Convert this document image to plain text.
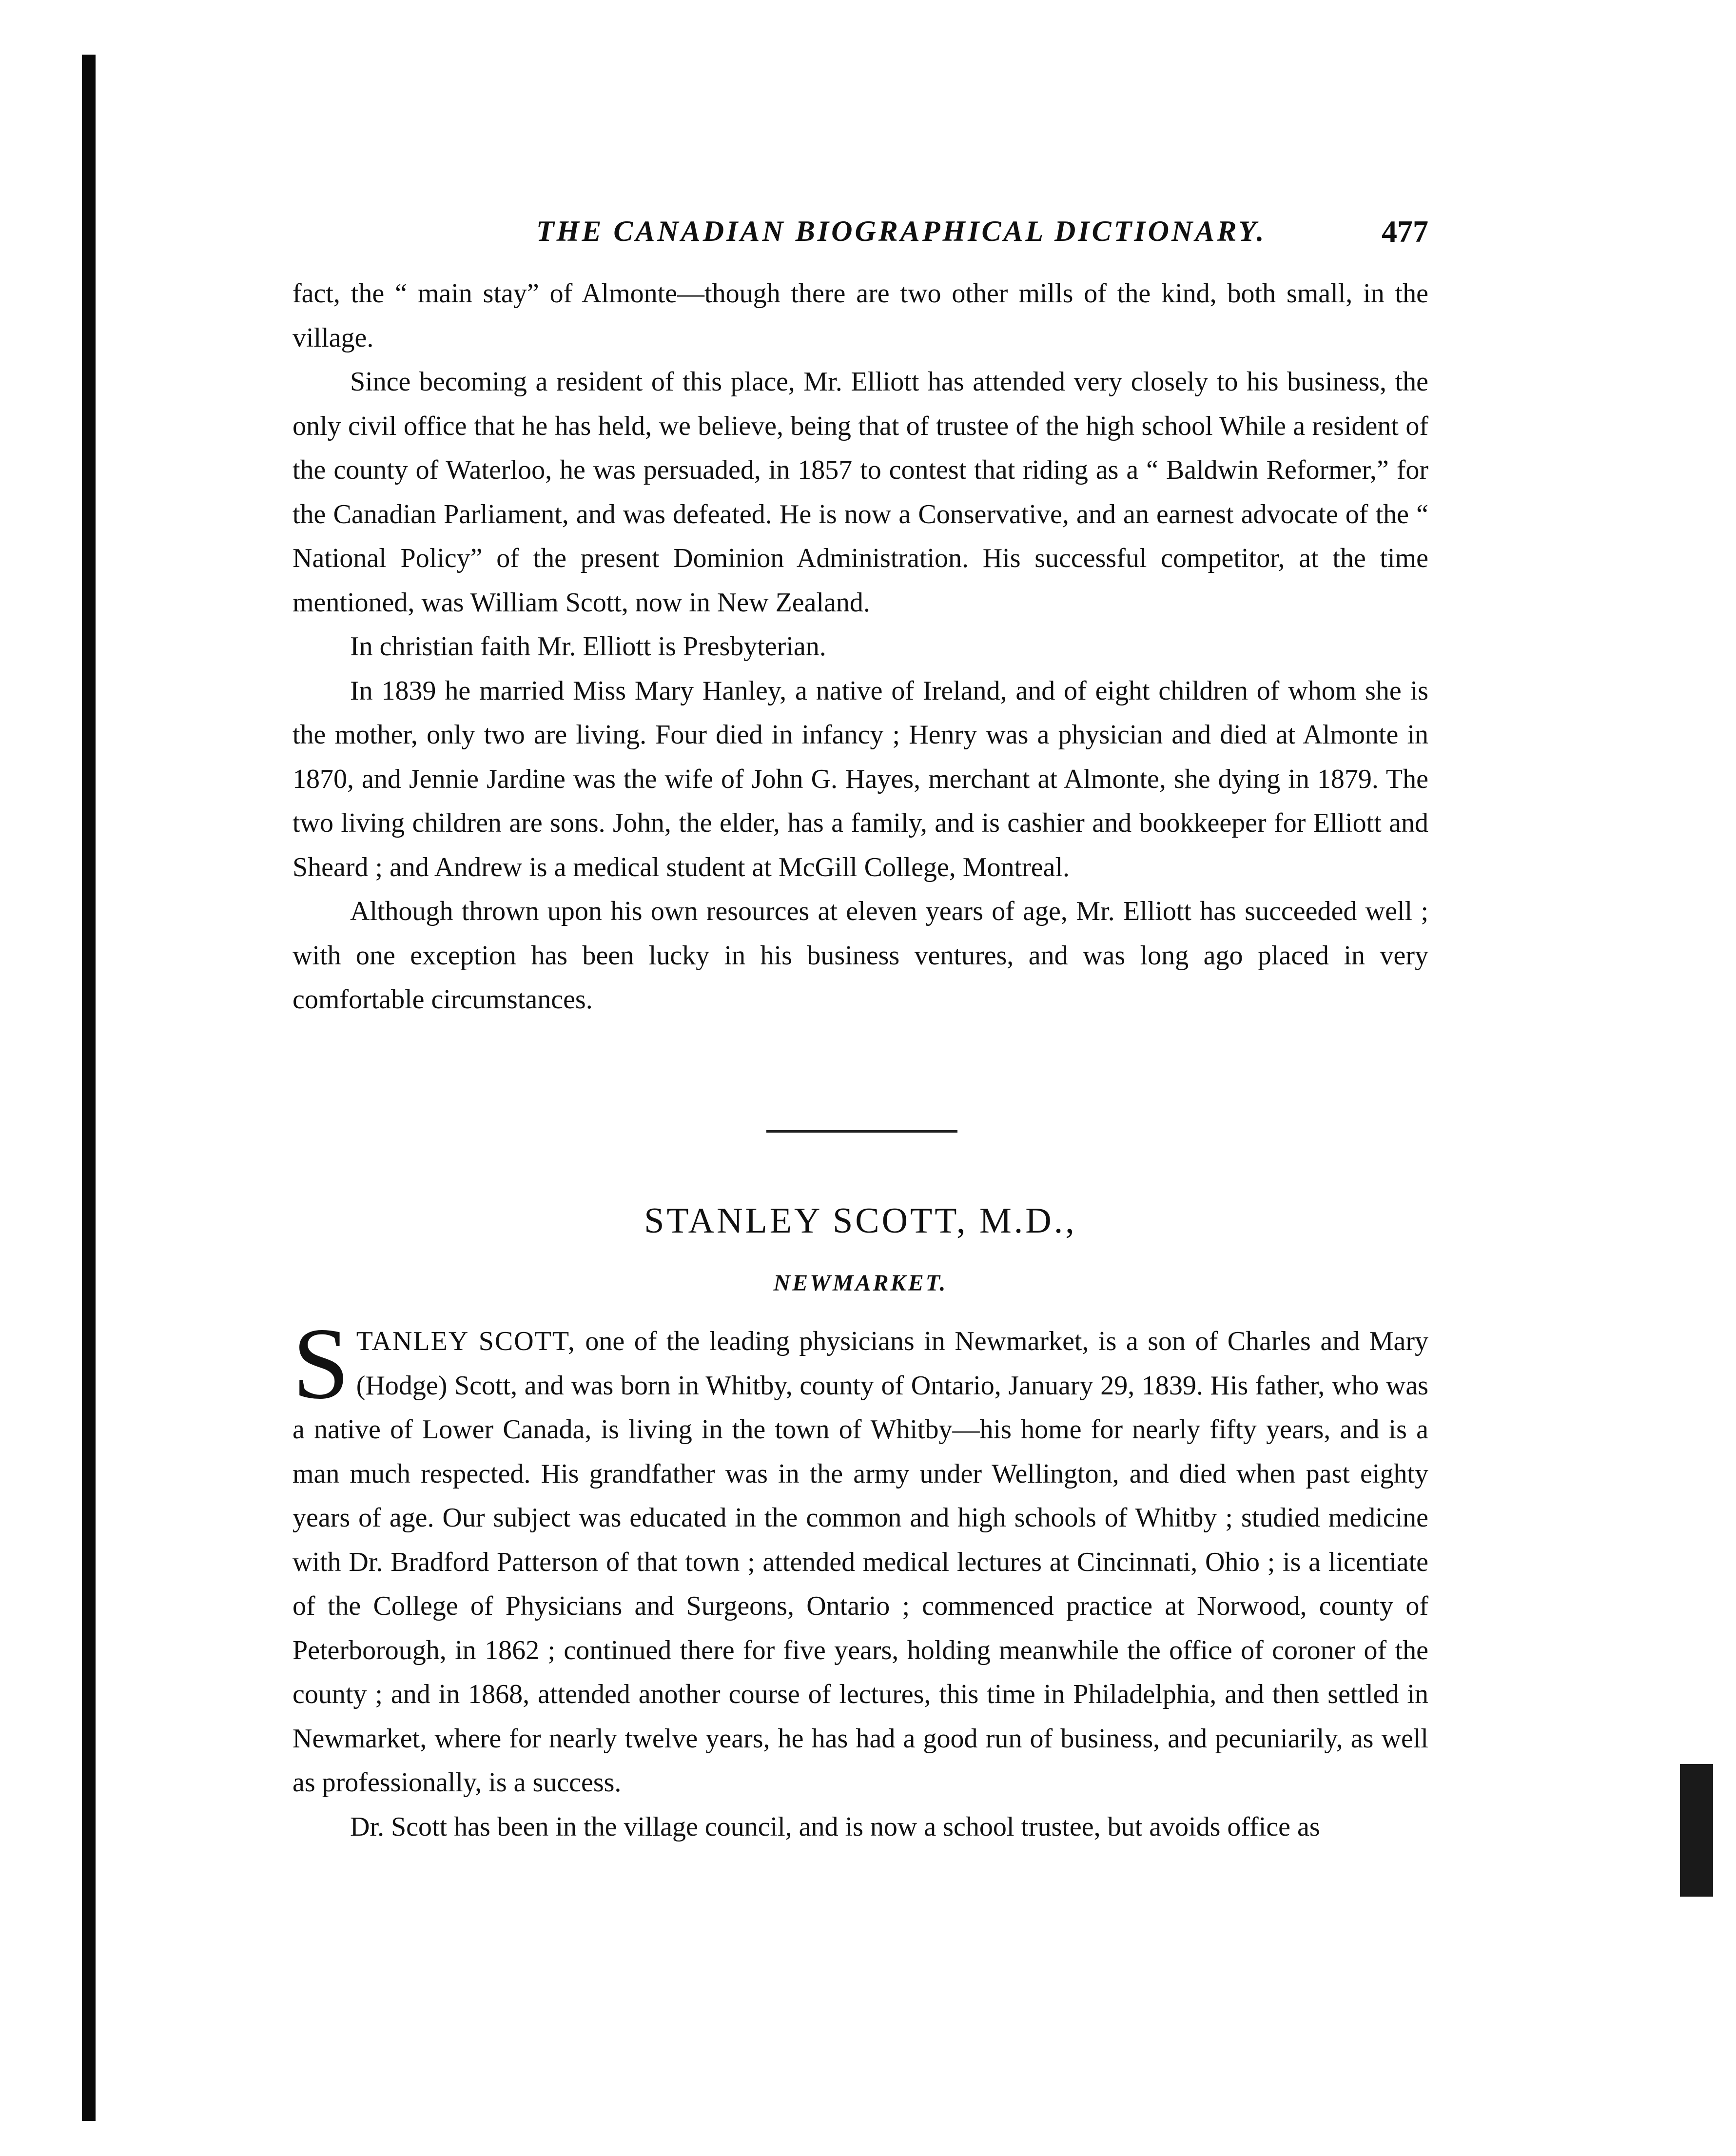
THE CANADIAN BIOGRAPHICAL DICTIONARY.	477

fact, the “ main stay” of Almonte—though there are two other mills of the kind, both small, in the village.

Since becoming a resident of this place, Mr. Elliott has attended very closely to his business, the only civil office that he has held, we believe, being that of trustee of the high school While a resident of the county of Waterloo, he was persuaded, in 1857 to contest that riding as a “ Baldwin Reformer,” for the Canadian Parliament, and was defeated. He is now a Conservative, and an earnest advocate of the “ National Policy” of the present Dominion Administration. His successful competitor, at the time mentioned, was William Scott, now in New Zealand.

In christian faith Mr. Elliott is Presbyterian.

In 1839 he married Miss Mary Hanley, a native of Ireland, and of eight children of whom she is the mother, only two are living. Four died in infancy ; Henry was a physician and died at Almonte in 1870, and Jennie Jardine was the wife of John G. Hayes, merchant at Almonte, she dying in 1879. The two living children are sons. John, the elder, has a family, and is cashier and bookkeeper for Elliott and Sheard ; and Andrew is a medical student at McGill College, Montreal.

Although thrown upon his own resources at eleven years of age, Mr. Elliott has succeeded well ; with one exception has been lucky in his business ventures, and was long ago placed in very comfortable circumstances.

STANLEY SCOTT, M.D.,
NEWMARKET.

STANLEY SCOTT, one of the leading physicians in Newmarket, is a son of Charles and Mary (Hodge) Scott, and was born in Whitby, county of Ontario, January 29, 1839. His father, who was a native of Lower Canada, is living in the town of Whitby—his home for nearly fifty years, and is a man much respected. His grandfather was in the army under Wellington, and died when past eighty years of age. Our subject was educated in the common and high schools of Whitby ; studied medicine with Dr. Bradford Patterson of that town ; attended medical lectures at Cincinnati, Ohio ; is a licentiate of the College of Physicians and Surgeons, Ontario ; commenced practice at Norwood, county of Peterborough, in 1862 ; continued there for five years, holding meanwhile the office of coroner of the county ; and in 1868, attended another course of lectures, this time in Philadelphia, and then settled in Newmarket, where for nearly twelve years, he has had a good run of business, and pecuniarily, as well as professionally, is a success.

Dr. Scott has been in the village council, and is now a school trustee, but avoids office as
